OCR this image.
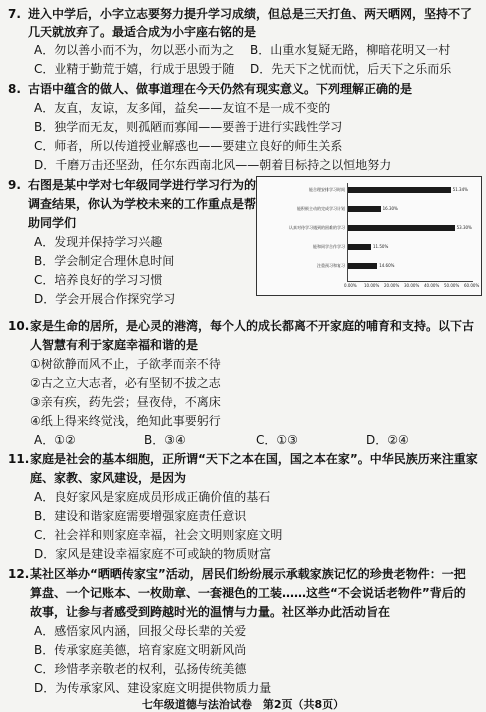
7. 进入中学后，小字立志要努力提升学习成绩，但总是三天打鱼、两天晒网，坚持不了
几天就放弃了。最适合成为小宇座右铭的是
A．勿以善小而不为，勿以恶小而为之 B．山重水复疑无路，柳暗花明又一村
C．业精于勤荒于嬉，行成于思毁于随 D．先天下之忧而忧，后天下之乐而乐
8. 古语中蕴含的做人、做事道理在今天仍然有现实意义。下列理解正确的是
A．友直，友谅，友多闻，益矣——友谊不是一成不变的
B．独学而无友，则孤陋而寡闻——要善于进行实践性学习
C．师者，所以传道授业解惑也——要建立良好的师生关系
D．千磨万击还坚劲，任尔东西南北风——朝着目标持之以恒地努力
9. 右图是某中学对七年级同学进行学习行为的
调查结果，你认为学校未来的工作重点是帮
助同学们
A．发现并保持学习兴趣
B．学会制定合理休息时间
C．培养良好的学习习惯
D．学会开展合作探究学习
能合理安排学习时间	51.34%
能积极主动的完成学习计划	16.30%
认真对待学习遇到的困难的学习	53.30%
能和同学合作学习	11.50%
注重预习和复习	14.60%
0.00% 10.00% 20.00% 30.00% 40.00% 50.00% 60.00%
10. 家是生命的居所，是心灵的港湾，每个人的成长都离不开家庭的哺育和支持。以下古
人智慧有利于家庭幸福和谐的是
①树欲静而风不止，子欲孝而亲不待
②古之立大志者，必有坚韧不拔之志
③亲有疾，药先尝；昼夜侍，不离床
④纸上得来终觉浅，绝知此事要躬行
A．①②	B．③④	C．①③	D．②④
11. 家庭是社会的基本细胞，正所谓“天下之本在国，国之本在家”。中华民族历来注重家
庭、家教、家风建设，是因为
A．良好家风是家庭成员形成正确价值的基石
B．建设和谐家庭需要增强家庭责任意识
C．社会祥和则家庭幸福，社会文明则家庭文明
D．家风是建设幸福家庭不可或缺的物质财富
12. 某社区举办“晒晒传家宝”活动，居民们纷纷展示承载家族记忆的珍贵老物件：一把
算盘、一个记账本、一枚勋章、一套褪色的工装……这些“不会说话老物件”背后的
故事，让参与者感受到跨越时光的温情与力量。社区举办此活动旨在
A．感悟家风内涵，回报父母长辈的关爱
B．传承家庭美德，培育家庭文明新风尚
C．珍惜孝亲敬老的权利，弘扬传统美德
D．为传承家风、建设家庭文明提供物质力量
七年级道德与法治试卷　第2页（共8页）
